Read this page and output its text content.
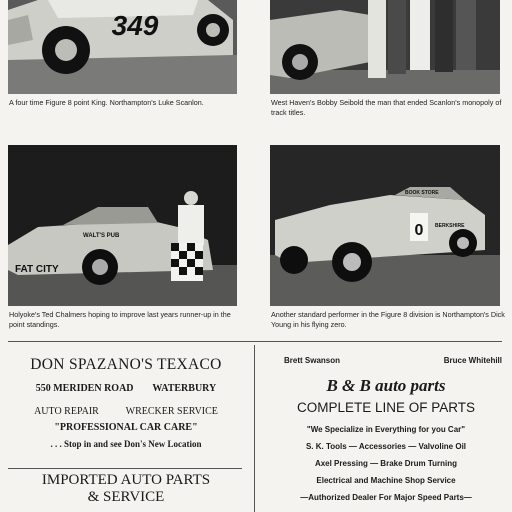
349
A four time Figure 8 point King. Northampton's Luke Scanlon.	West Haven's Bobby Seibold the man that ended Scanlon's monopoly of track titles.
FAT CITY
WALT'S PUB
Holyoke's Ted Chalmers hoping to improve last years runner-up in the point standings.
BOOK STORE
BERKSHIRE
0
Another standard performer in the Figure 8 division is Northampton's Dick Young in his flying zero.
DON SPAZANO'S TEXACO
550 MERIDEN ROAD WATERBURY
AUTO REPAIR	WRECKER SERVICE
"PROFESSIONAL CAR CARE"
. . . Stop in and see Don's New Location
IMPORTED AUTO PARTS
& SERVICE
Brett Swanson	Bruce Whitehill
B & B auto parts
COMPLETE LINE OF PARTS
"We Specialize in Everything for you Car"
S. K. Tools — Accessories — Valvoline Oil
Axel Pressing — Brake Drum Turning
Electrical and Machine Shop Service
—Authorized Dealer For Major Speed Parts—
